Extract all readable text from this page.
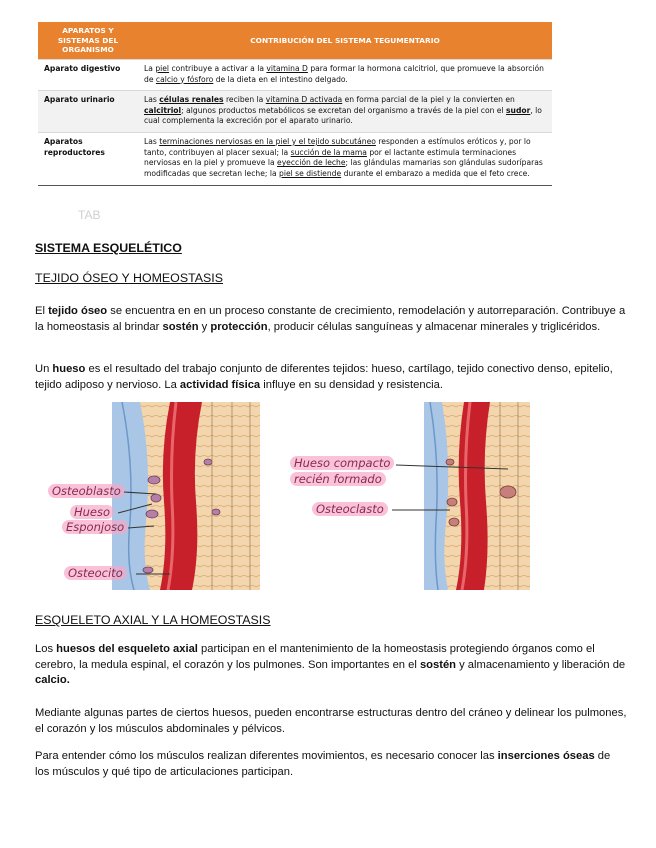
APARATOS Y SISTEMAS DEL ORGANISMO	CONTRIBUCIÓN DEL SISTEMA TEGUMENTARIO
Aparato digestivo	La piel contribuye a activar a la vitamina D para formar la hormona calcitriol, que promueve la absorción de calcio y fósforo de la dieta en el intestino delgado.
Aparato urinario	Las células renales reciben la vitamina D activada en forma parcial de la piel y la convierten en calcitriol; algunos productos metabólicos se excretan del organismo a través de la piel con el sudor, lo cual complementa la excreción por el aparato urinario.
Aparatos reproductores	Las terminaciones nerviosas en la piel y el tejido subcutáneo responden a estímulos eróticos y, por lo tanto, contribuyen al placer sexual; la succión de la mama por el lactante estimula terminaciones nerviosas en la piel y promueve la eyección de leche; las glándulas mamarias son glándulas sudoríparas modificadas que secretan leche; la piel se distiende durante el embarazo a medida que el feto crece.
TAB
SISTEMA ESQUELÉTICO
TEJIDO ÓSEO Y HOMEOSTASIS

El tejido óseo se encuentra en en un proceso constante de crecimiento, remodelación y autorreparación. Contribuye a la homeostasis al brindar sostén y protección, producir células sanguíneas y almacenar minerales y triglicéridos.

Un hueso es el resultado del trabajo conjunto de diferentes tejidos: hueso, cartílago, tejido conectivo denso, epitelio, tejido adiposo y nervioso. La actividad física influye en su densidad y resistencia.

Osteoblasto
Hueso
Esponjoso
Osteocito
Hueso compacto
recién formado
Osteoclasto
ESQUELETO AXIAL Y LA HOMEOSTASIS

Los huesos del esqueleto axial participan en el mantenimiento de la homeostasis protegiendo órganos como el cerebro, la medula espinal, el corazón y los pulmones. Son importantes en el sostén y almacenamiento y liberación de calcio.

Mediante algunas partes de ciertos huesos, pueden encontrarse estructuras dentro del cráneo y delinear los pulmones, el corazón y los músculos abdominales y pélvicos.

Para entender cómo los músculos realizan diferentes movimientos, es necesario conocer las inserciones óseas de los músculos y qué tipo de articulaciones participan.
